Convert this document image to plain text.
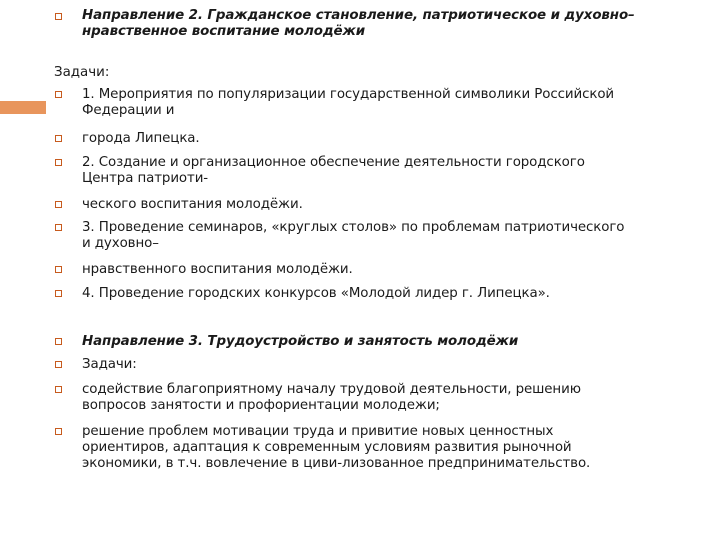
Направление 2. Гражданское становление, патриотическое и духовно–
нравственное воспитание молодёжи
Задачи:
1. Мероприятия по популяризации государственной символики Российской
Федерации и
города Липецка.
2. Создание и организационное обеспечение деятельности городского
Центра патриоти-
ческого воспитания молодёжи.
3. Проведение семинаров, «круглых столов» по проблемам патриотического
и духовно–
нравственного воспитания молодёжи.
4. Проведение городских конкурсов «Молодой лидер г. Липецка».
Направление 3. Трудоустройство и занятость молодёжи
Задачи:
содействие благоприятному началу трудовой деятельности, решению
вопросов занятости и профориентации молодежи;
решение проблем мотивации труда и привитие новых ценностных
ориентиров, адаптация к современным условиям развития рыночной
экономики, в т.ч. вовлечение в циви-лизованное предпринимательство.
